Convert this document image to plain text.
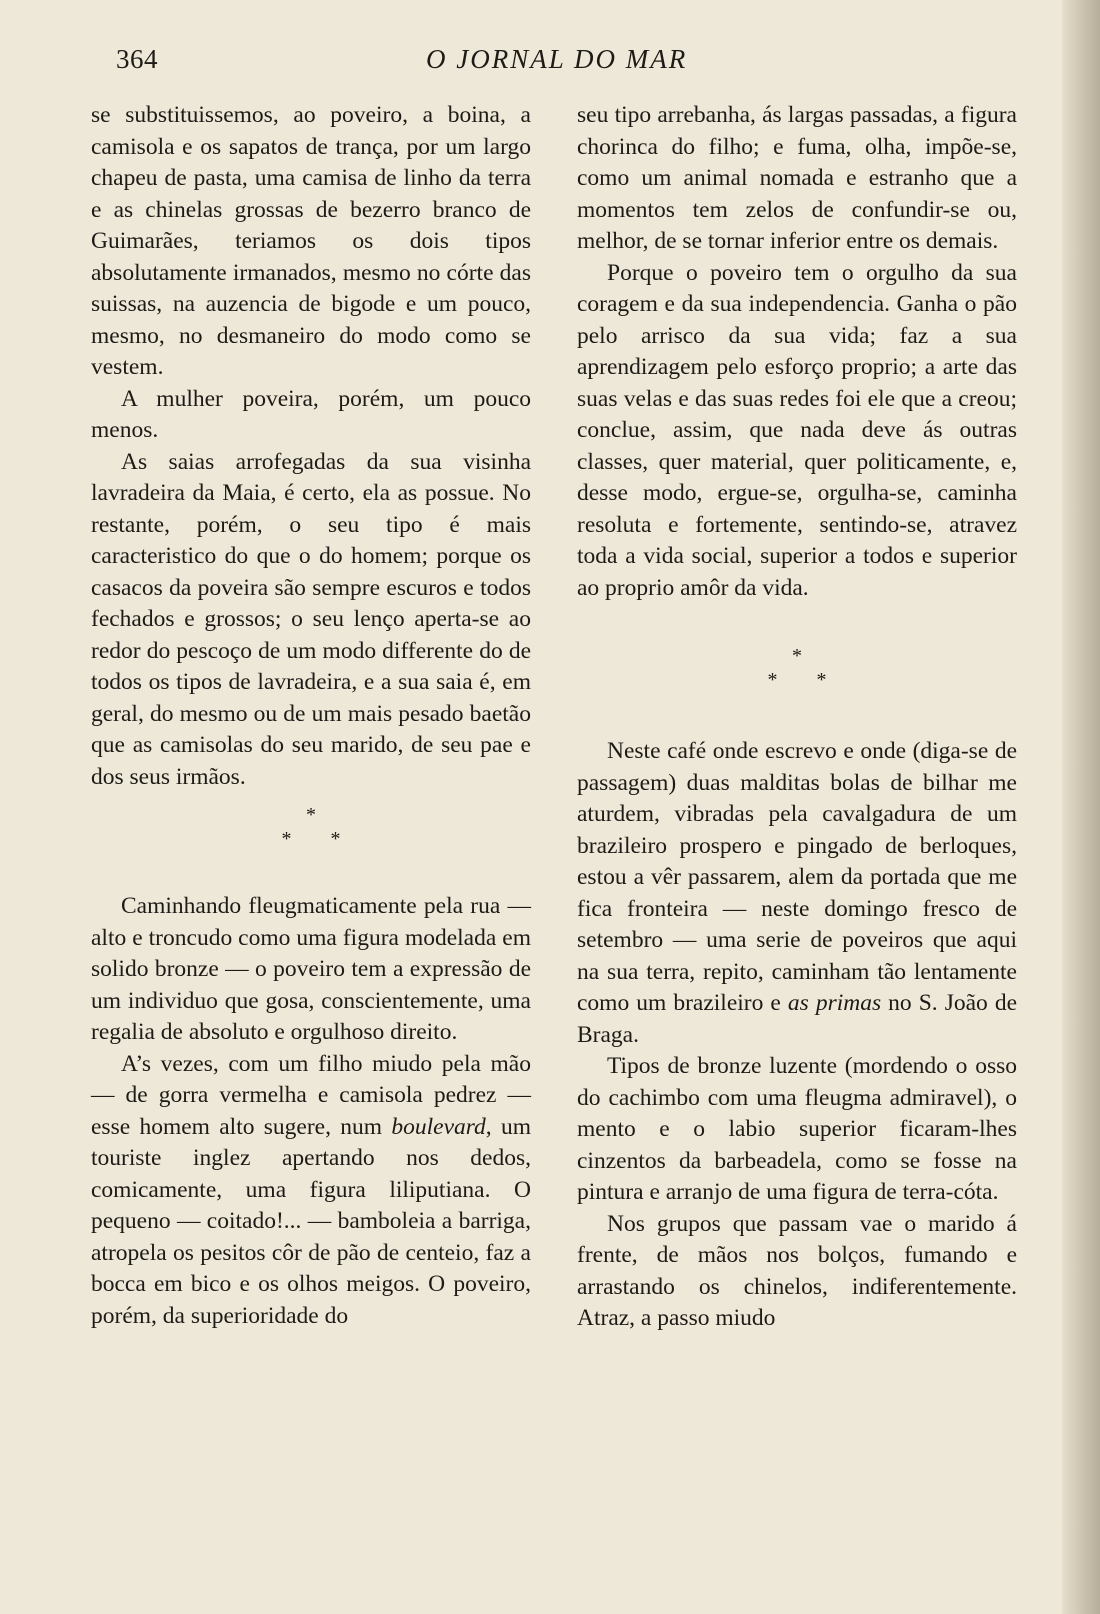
364	O JORNAL DO MAR

se substituissemos, ao poveiro, a boina, a camisola e os sapatos de trança, por um largo chapeu de pasta, uma camisa de linho da terra e as chinelas grossas de bezerro branco de Guimarães, teriamos os dois tipos absolutamente irmanados, mesmo no córte das suissas, na auzencia de bigode e um pouco, mesmo, no desmaneiro do modo como se vestem.

A mulher poveira, porém, um pouco menos.

As saias arrofegadas da sua visinha lavradeira da Maia, é certo, ela as possue. No restante, porém, o seu tipo é mais caracteristico do que o do homem; porque os casacos da poveira são sempre escuros e todos fechados e grossos; o seu lenço aperta-se ao redor do pescoço de um modo differente do de todos os tipos de lavradeira, e a sua saia é, em geral, do mesmo ou de um mais pesado baetão que as camisolas do seu marido, de seu pae e dos seus irmãos.

*
* *

Caminhando fleugmaticamente pela rua — alto e troncudo como uma figura modelada em solido bronze — o poveiro tem a expressão de um individuo que gosa, conscientemente, uma regalia de absoluto e orgulhoso direito.

A’s vezes, com um filho miudo pela mão — de gorra vermelha e camisola pedrez — esse homem alto sugere, num boulevard, um touriste inglez apertando nos dedos, comicamente, uma figura liliputiana. O pequeno — coitado!... — bamboleia a barriga, atropela os pesitos côr de pão de centeio, faz a bocca em bico e os olhos meigos. O poveiro, porém, da superioridade do

seu tipo arrebanha, ás largas passadas, a figura chorinca do filho; e fuma, olha, impõe-se, como um animal nomada e estranho que a momentos tem zelos de confundir-se ou, melhor, de se tornar inferior entre os demais.

Porque o poveiro tem o orgulho da sua coragem e da sua independencia. Ganha o pão pelo arrisco da sua vida; faz a sua aprendizagem pelo esforço proprio; a arte das suas velas e das suas redes foi ele que a creou; conclue, assim, que nada deve ás outras classes, quer material, quer politicamente, e, desse modo, ergue-se, orgulha-se, caminha resoluta e fortemente, sentindo-se, atravez toda a vida social, superior a todos e superior ao proprio amôr da vida.

*
* *

Neste café onde escrevo e onde (diga-se de passagem) duas malditas bolas de bilhar me aturdem, vibradas pela cavalgadura de um brazileiro prospero e pingado de berloques, estou a vêr passarem, alem da portada que me fica fronteira — neste domingo fresco de setembro — uma serie de poveiros que aqui na sua terra, repito, caminham tão lentamente como um brazileiro e as primas no S. João de Braga.

Tipos de bronze luzente (mordendo o osso do cachimbo com uma fleugma admiravel), o mento e o labio superior ficaram-lhes cinzentos da barbeadela, como se fosse na pintura e arranjo de uma figura de terra-cóta.

Nos grupos que passam vae o marido á frente, de mãos nos bolços, fumando e arrastando os chinelos, indiferentemente. Atraz, a passo miudo
